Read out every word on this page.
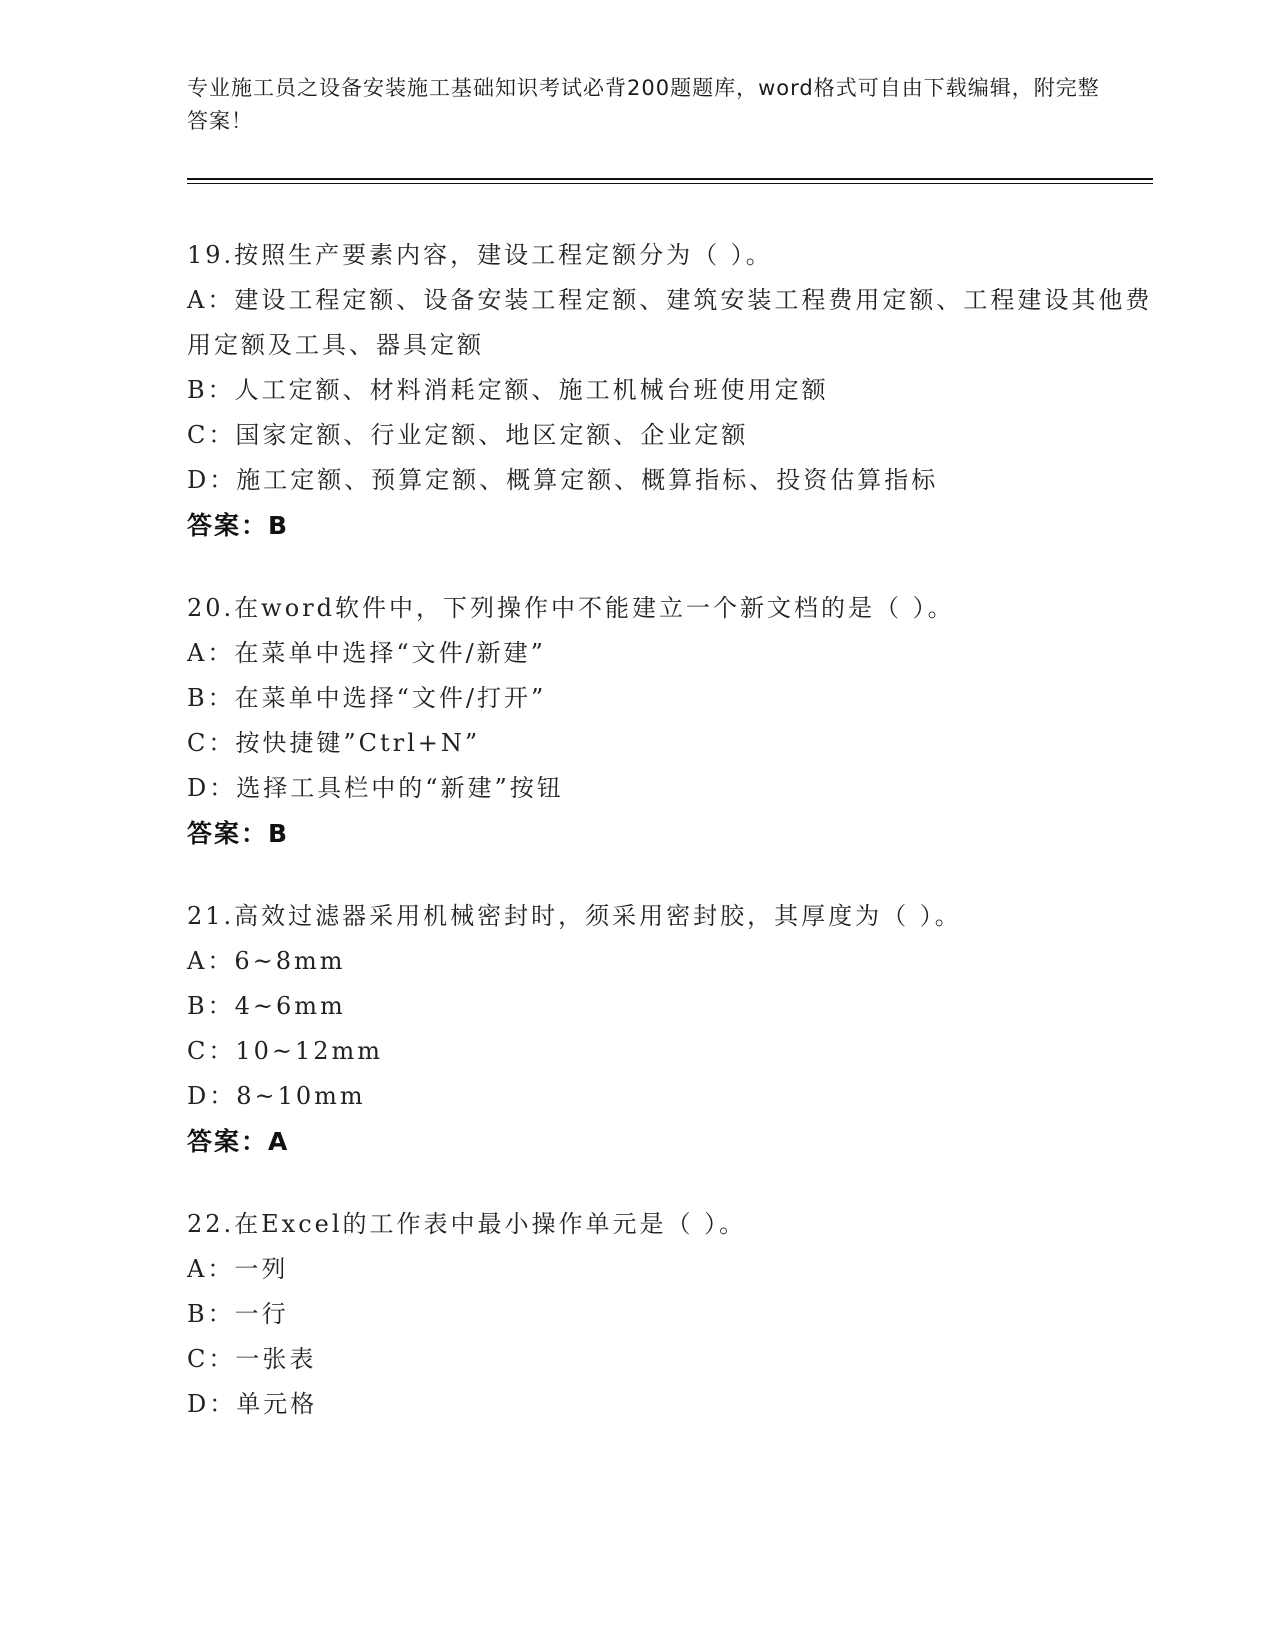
专业施工员之设备安装施工基础知识考试必背200题题库，word格式可自由下载编辑，附完整答案！
19.按照生产要素内容，建设工程定额分为（ ）。
A：建设工程定额、设备安装工程定额、建筑安装工程费用定额、工程建设其他费用定额及工具、器具定额
B：人工定额、材料消耗定额、施工机械台班使用定额
C：国家定额、行业定额、地区定额、企业定额
D：施工定额、预算定额、概算定额、概算指标、投资估算指标
答案：B
20.在word软件中，下列操作中不能建立一个新文档的是（ ）。
A：在菜单中选择“文件/新建”
B：在菜单中选择“文件/打开”
C：按快捷键”Ctrl+N”
D：选择工具栏中的“新建”按钮
答案：B
21.高效过滤器采用机械密封时，须采用密封胶，其厚度为（ ）。
A：6~8mm
B：4~6mm
C：10~12mm
D：8~10mm
答案：A
22.在Excel的工作表中最小操作单元是（ ）。
A：一列
B：一行
C：一张表
D：单元格
